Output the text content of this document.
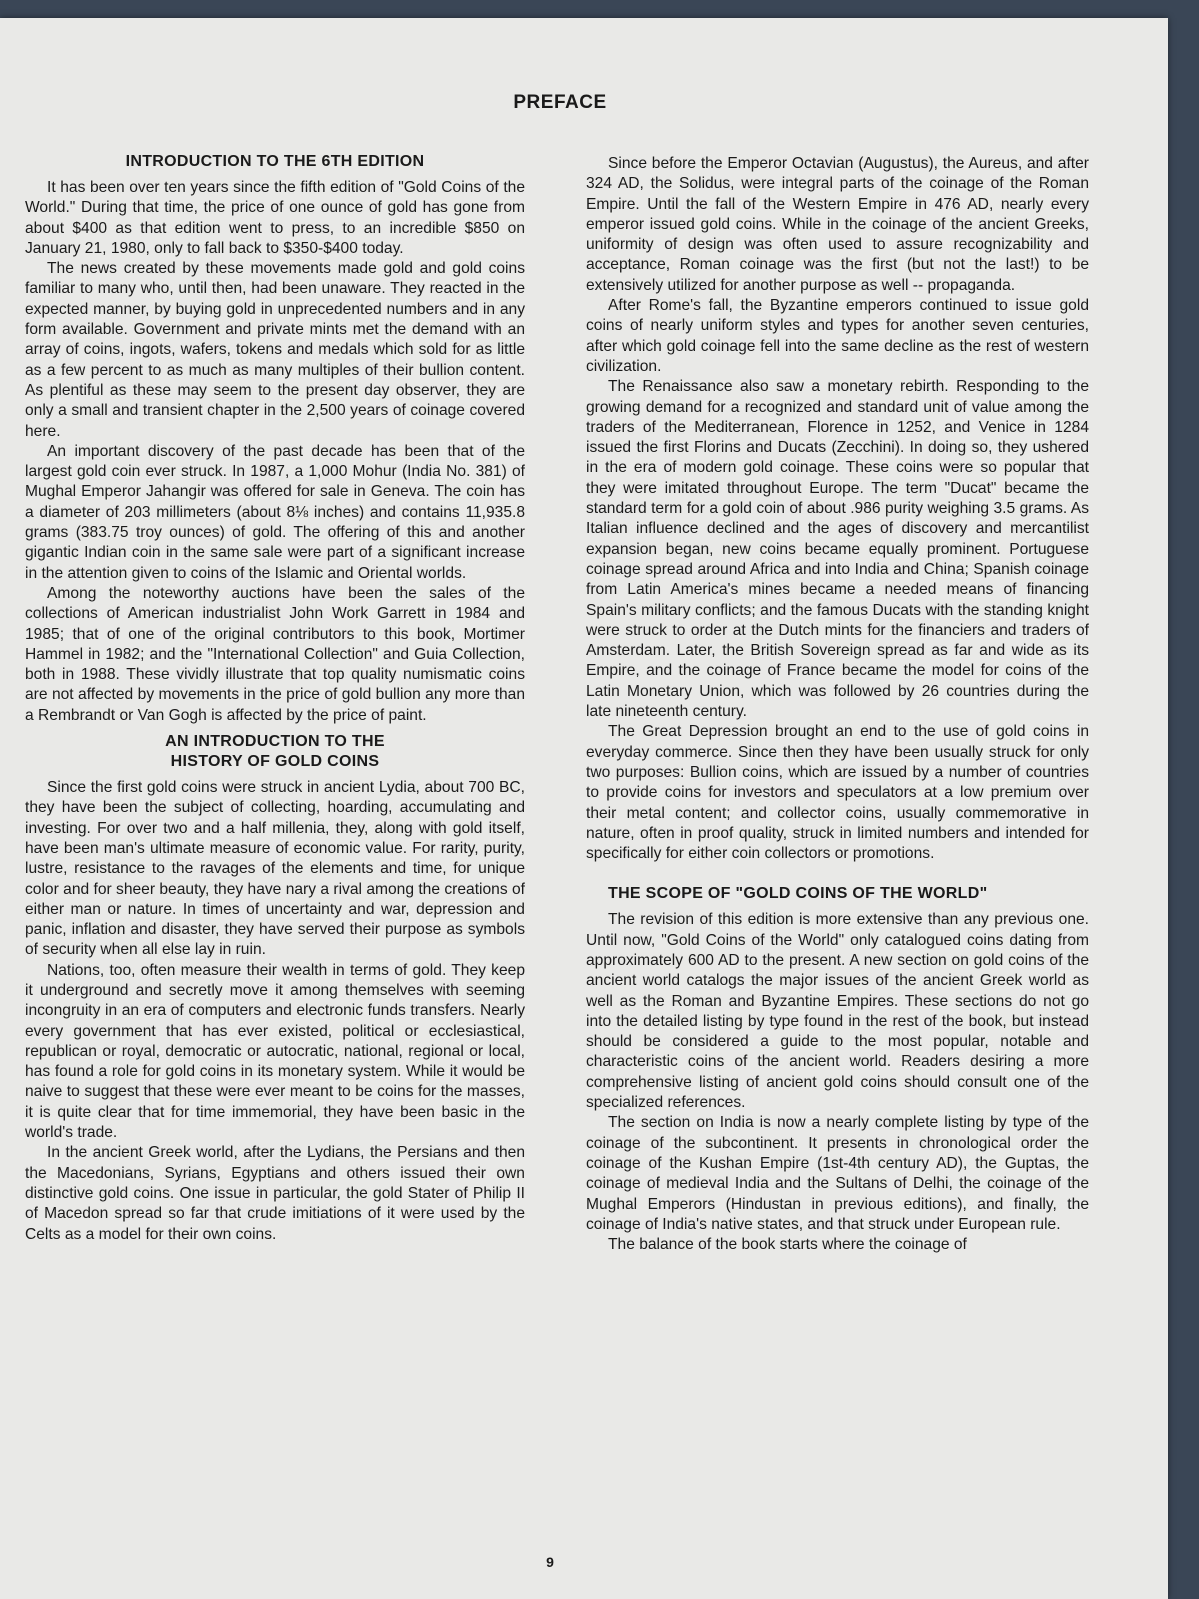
PREFACE
INTRODUCTION TO THE 6TH EDITION

It has been over ten years since the fifth edition of "Gold Coins of the World." During that time, the price of one ounce of gold has gone from about $400 as that edition went to press, to an incredible $850 on January 21, 1980, only to fall back to $350-$400 today.

The news created by these movements made gold and gold coins familiar to many who, until then, had been unaware. They reacted in the expected manner, by buying gold in unprecedented numbers and in any form available. Government and private mints met the demand with an array of coins, ingots, wafers, tokens and medals which sold for as little as a few percent to as much as many multiples of their bullion content. As plentiful as these may seem to the present day observer, they are only a small and transient chapter in the 2,500 years of coinage covered here.

An important discovery of the past decade has been that of the largest gold coin ever struck. In 1987, a 1,000 Mohur (India No. 381) of Mughal Emperor Jahangir was offered for sale in Geneva. The coin has a diameter of 203 millimeters (about 8⅛ inches) and contains 11,935.8 grams (383.75 troy ounces) of gold. The offering of this and another gigantic Indian coin in the same sale were part of a significant increase in the attention given to coins of the Islamic and Oriental worlds.

Among the noteworthy auctions have been the sales of the collections of American industrialist John Work Garrett in 1984 and 1985; that of one of the original contributors to this book, Mortimer Hammel in 1982; and the "International Collection" and Guia Collection, both in 1988. These vividly illustrate that top quality numismatic coins are not affected by movements in the price of gold bullion any more than a Rembrandt or Van Gogh is affected by the price of paint.

AN INTRODUCTION TO THE
HISTORY OF GOLD COINS

Since the first gold coins were struck in ancient Lydia, about 700 BC, they have been the subject of collecting, hoarding, accumulating and investing. For over two and a half millenia, they, along with gold itself, have been man's ultimate measure of economic value. For rarity, purity, lustre, resistance to the ravages of the elements and time, for unique color and for sheer beauty, they have nary a rival among the creations of either man or nature. In times of uncertainty and war, depression and panic, inflation and disaster, they have served their purpose as symbols of security when all else lay in ruin.

Nations, too, often measure their wealth in terms of gold. They keep it underground and secretly move it among themselves with seeming incongruity in an era of computers and electronic funds transfers. Nearly every government that has ever existed, political or ecclesiastical, republican or royal, democratic or autocratic, national, regional or local, has found a role for gold coins in its monetary system. While it would be naive to suggest that these were ever meant to be coins for the masses, it is quite clear that for time immemorial, they have been basic in the world's trade.

In the ancient Greek world, after the Lydians, the Persians and then the Macedonians, Syrians, Egyptians and others issued their own distinctive gold coins. One issue in particular, the gold Stater of Philip II of Macedon spread so far that crude imitiations of it were used by the Celts as a model for their own coins.

Since before the Emperor Octavian (Augustus), the Aureus, and after 324 AD, the Solidus, were integral parts of the coinage of the Roman Empire. Until the fall of the Western Empire in 476 AD, nearly every emperor issued gold coins. While in the coinage of the ancient Greeks, uniformity of design was often used to assure recognizability and acceptance, Roman coinage was the first (but not the last!) to be extensively utilized for another purpose as well -- propaganda.

After Rome's fall, the Byzantine emperors continued to issue gold coins of nearly uniform styles and types for another seven centuries, after which gold coinage fell into the same decline as the rest of western civilization.

The Renaissance also saw a monetary rebirth. Responding to the growing demand for a recognized and standard unit of value among the traders of the Mediterranean, Florence in 1252, and Venice in 1284 issued the first Florins and Ducats (Zecchini). In doing so, they ushered in the era of modern gold coinage. These coins were so popular that they were imitated throughout Europe. The term "Ducat" became the standard term for a gold coin of about .986 purity weighing 3.5 grams. As Italian influence declined and the ages of discovery and mercantilist expansion began, new coins became equally prominent. Portuguese coinage spread around Africa and into India and China; Spanish coinage from Latin America's mines became a needed means of financing Spain's military conflicts; and the famous Ducats with the standing knight were struck to order at the Dutch mints for the financiers and traders of Amsterdam. Later, the British Sovereign spread as far and wide as its Empire, and the coinage of France became the model for coins of the Latin Monetary Union, which was followed by 26 countries during the late nineteenth century.

The Great Depression brought an end to the use of gold coins in everyday commerce. Since then they have been usually struck for only two purposes: Bullion coins, which are issued by a number of countries to provide coins for investors and speculators at a low premium over their metal content; and collector coins, usually commemorative in nature, often in proof quality, struck in limited numbers and intended for specifically for either coin collectors or promotions.

THE SCOPE OF "GOLD COINS OF THE WORLD"

The revision of this edition is more extensive than any previous one. Until now, "Gold Coins of the World" only catalogued coins dating from approximately 600 AD to the present. A new section on gold coins of the ancient world catalogs the major issues of the ancient Greek world as well as the Roman and Byzantine Empires. These sections do not go into the detailed listing by type found in the rest of the book, but instead should be considered a guide to the most popular, notable and characteristic coins of the ancient world. Readers desiring a more comprehensive listing of ancient gold coins should consult one of the specialized references.

The section on India is now a nearly complete listing by type of the coinage of the subcontinent. It presents in chronological order the coinage of the Kushan Empire (1st-4th century AD), the Guptas, the coinage of medieval India and the Sultans of Delhi, the coinage of the Mughal Emperors (Hindustan in previous editions), and finally, the coinage of India's native states, and that struck under European rule.

The balance of the book starts where the coinage of

9
